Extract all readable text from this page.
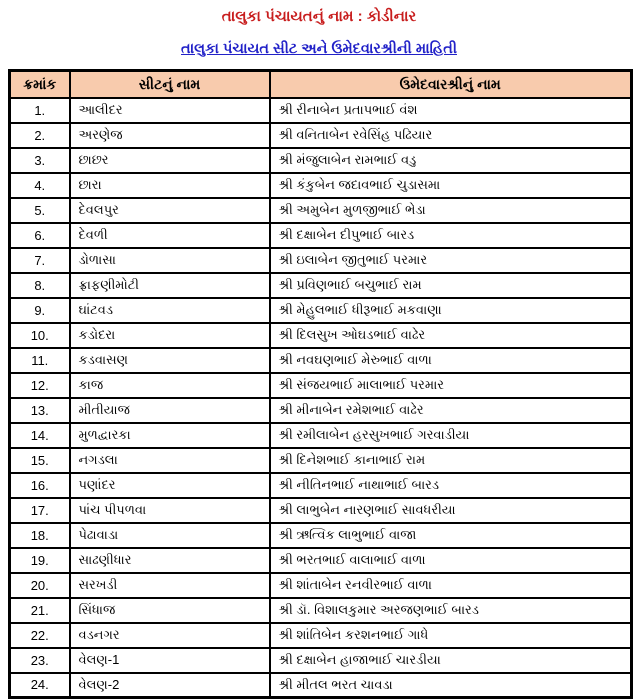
તાલુકા પંચાયતનું નામ : કોડીનાર
તાલુકા પંચાયત સીટ અને ઉમેદવારશ્રીની માહિતી
ક્રમાંક	સીટનું નામ	ઉમેદવારશ્રીનું નામ
1.	આલીદર	શ્રી રીનાબેન પ્રતાપભાઈ વંશ
2.	અરણેજ	શ્રી વનિતાબેન રવેસિંહ પઢિયાર
3.	છાછર	શ્રી મંજુલાબેન રામભાઈ વડુ
4.	છારા	શ્રી કંકુબેન જદાવભાઈ ચુડાસમા
5.	દેવલપુર	શ્રી અમુબેન મુળજીભાઈ ભેડા
6.	દેવળી	શ્રી દક્ષાબેન દીપુભાઈ બારડ
7.	ડોળાસા	શ્રી ઇલાબેન જીતુભાઈ પરમાર
8.	ફ્રાફણીમોટી	શ્રી પ્રવિણભાઈ બચુભાઈ રામ
9.	ઘાંટવડ	શ્રી મેહુલભાઈ ધીરૂભાઈ મકવાણા
10.	કડોદરા	શ્રી દિલસુખ ઓઘડભાઈ વાઢેર
11.	કડવાસણ	શ્રી નવઘણભાઈ મેરુભાઈ વાળા
12.	કાજ	શ્રી સંજયભાઈ માલાભાઈ પરમાર
13.	મીતીયાજ	શ્રી મીનાબેન રમેશભાઈ વાઢેર
14.	મુળદ્વારકા	શ્રી રમીલાબેન હરસુખભાઈ ગરવાડીયા
15.	નગડલા	શ્રી દિનેશભાઈ કાનાભાઈ રામ
16.	પણાંદર	શ્રી નીતિનભાઈ નાથાભાઈ બારડ
17.	પાંચ પીપળવા	શ્રી લાભુબેન નારણભાઈ સાવધરીયા
18.	પેઢાવાડા	શ્રી ઋત્વિક લાભુભાઈ વાજા
19.	સાઢણીધાર	શ્રી ભરતભાઈ વાલાભાઈ વાળા
20.	સરખડી	શ્રી શાંતાબેન રનવીરભાઈ વાળા
21.	સિંધાજ	શ્રી ડૉ. વિશાલકુમાર અરજણભાઈ બારડ
22.	વડનગર	શ્રી શાંતિબેન કરશનભાઈ ગાધે
23.	વેલણ-1	શ્રી દક્ષાબેન હાજાભાઈ ચારડીયા
24.	વેલણ-2	શ્રી મીતલ ભરત ચાવડા
